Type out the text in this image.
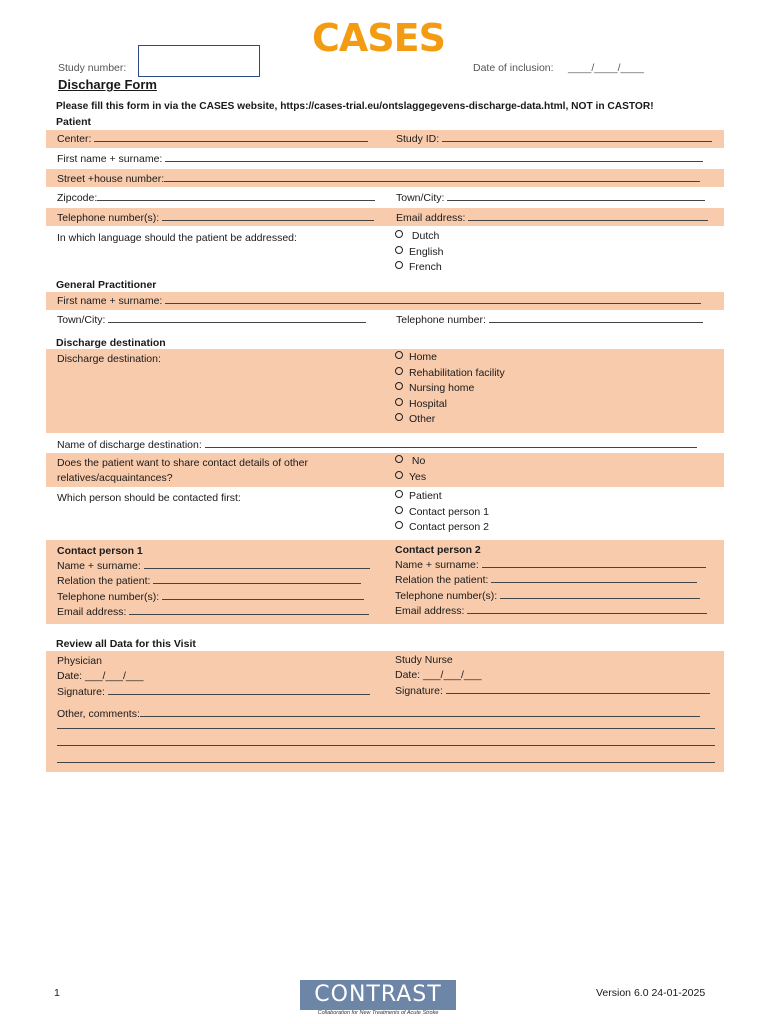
CASES
Study number:	Date of inclusion: ____/____/____
Discharge Form
Please fill this form in via the CASES website, https://cases-trial.eu/ontslaggegevens-discharge-data.html, NOT in CASTOR!
Patient
Center:	Study ID:
First name + surname:
Street +house number:
Zipcode:	Town/City:
Telephone number(s):	Email address:
In which language should the patient be addressed:	Dutch
English
French
General Practitioner
First name + surname:
Town/City:	Telephone number:
Discharge destination
Discharge destination:	Home
Rehabilitation facility
Nursing home
Hospital
Other
Name of discharge destination:
Does the patient want to share contact details of other
relatives/acquaintances?
No
Yes
Which person should be contacted first:	Patient
Contact person 1
Contact person 2
Contact person 1
Name + surname:
Relation the patient:
Telephone number(s):
Email address:
Contact person 2
Name + surname:
Relation the patient:
Telephone number(s):
Email address:
Review all Data for this Visit
Physician
Date: ___/___/___
Signature:
Study Nurse
Date: ___/___/___
Signature:
Other, comments:
1	CONTRAST
Collaboration for New Treatments of Acute Stroke
Version 6.0 24-01-2025
